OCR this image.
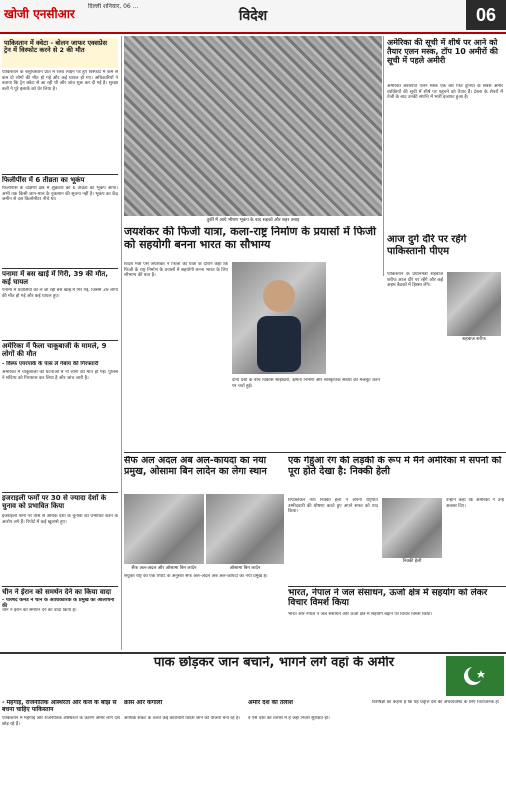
खोजी एनसीआर
दिल्ली शनिवार, 06 ...
विदेश	06
पाकिस्तान में क्वेटा - बोलन जाफर एक्सप्रेस ट्रेन में विस्फोट करने से 2 की मौत
पाकिस्तान के बलूचिस्तान प्रांत में रेलवे लाइन पर हुए विस्फोट में कम से कम दो लोगों की मौत हो गई और कई घायल हो गए। अधिकारियों ने बताया कि ट्रेन क्वेटा से आ रही थी और जांच शुरू कर दी गई है। सुरक्षा बलों ने पूरे इलाके को घेर लिया है।
फिलीपींस में 6 तीव्रता का भूकंप
फिलीपींस के दक्षिणी क्षेत्र में शुक्रवार को 6 तीव्रता का भूकंप आया। अभी तक किसी जान-माल के नुकसान की सूचना नहीं है। भूकंप का केंद्र जमीन से दस किलोमीटर नीचे था।
पनामा में बस खाई में गिरी, 39 की मौत, कई घायल
पनामा में प्रवासियों को ले जा रही बस खाई में गिर गई, जिसमें 39 लोगों की मौत हो गई और कई घायल हुए।
अमेरिका में फैला चाकूबाजी के मामले, 9 लोगों की मौत
- विस्फ एयरपार्क के पास ले गेबाय की गिरफ्तारी
अमेरिका में चाकूबाजी की घटनाओं में नौ लोगों की मौत हो गई। पुलिस ने संदिग्ध को गिरफ्तार कर लिया है और जांच जारी है।
इजराइली फर्मों पर 30 से ज्यादा देशों के चुनाव को प्रभावित किया
इजराइली फर्मों पर तीस से अधिक देशों के चुनावों को प्रभावित करने के आरोप लगे हैं। रिपोर्ट में कई खुलासे हुए।
चीन ने ईरान को समर्थन देने का किया वादा
- परिषद कमर्ड ने चीन के आधिकारिक के प्रमुख की आलोचना की
चीन ने ईरान को समर्थन देने का वादा किया है।
तुर्की में आये भीषण भूकंप के बाद सड़कों और शहर तबाह
अमेरिका की सूची में शीर्ष पर आने को तैयार एलन मस्क, टॉप 10 अमीरों की सूची में पहले अमीरी
अमेरिकी अरबपति एलन मस्क एक बार फिर दुनिया के सबसे अमीर व्यक्तियों की सूची में शीर्ष पर पहुंचने को तैयार हैं। टेस्ला के शेयरों में तेजी के बाद उनकी संपत्ति में भारी इजाफा हुआ है।
जयशंकर की फिजी यात्रा, कला-राष्ट्र निर्माण के प्रयासों में फिजी को सहयोगी बनना भारत का सौभाग्य
विदेश मंत्री एस जयशंकर ने फिजी की यात्रा के दौरान कहा कि फिजी के राष्ट्र निर्माण के प्रयासों में सहयोगी बनना भारत के लिए सौभाग्य की बात है।
दोनों देशों के बीच विकास साझेदारी, क्षमता निर्माण और सांस्कृतिक संबंधों को मजबूत करने पर चर्चा हुई।
आज दुर्ग दौरे पर रहेंगे पाकिस्तानी पीएम
पाकिस्तान के प्रधानमंत्री शहबाज शरीफ आज दौरे पर रहेंगे और कई अहम बैठकों में हिस्सा लेंगे।
शहबाज शरीफ
सैफ अल अदल अब अल-कायदा का नया प्रमुख, ओसामा बिन लादेन का लेगा स्थान
सैफ अल-अदल और ओसामा बिन लादेन	ओसामा बिन लादेन
संयुक्त राष्ट्र की एक रिपोर्ट के अनुसार सैफ अल-अदल अब अल-कायदा का नया प्रमुख है।
एक गेहुंआ रंग की लड़की के रूप में मैंने अमेरिका में सपनों को पूरा होते देखा है: निक्की हेली
रिपब्लिकन नेता निक्की हेली ने अपनी राष्ट्रपति उम्मीदवारी की घोषणा करते हुए अपने सफर को याद किया।
निक्की हेली
उन्होंने कहा कि अमेरिका ने उन्हें अवसर दिए।
भारत, नेपाल ने जल संसाधन, ऊर्जा क्षेत्र में सहयोग को लेकर विचार विमर्श किया
भारत और नेपाल ने जल संसाधन और ऊर्जा क्षेत्र में सहयोग बढ़ाने पर विचार विमर्श किया।
पाक छोड़कर जान बचाने, भागने लगे वहां के अमीर
- महंगाई, राजनीतिक अस्थिरता और कर्ज के बोझ से बचना चाहिए पाकिस्तान
क्रास और कंगाली	अमीर देश की तलाश
पाकिस्तान में महंगाई और राजनीतिक अस्थिरता के कारण अमीर लोग देश छोड़ रहे हैं।
आर्थिक संकट के चलते कई कारोबारी विदेश जाने की योजना बना रहे हैं।	वे ऐसे देशों की तलाश में हैं जहां निवेश सुरक्षित हो।
विशेषज्ञों का कहना है कि यह प्रवृत्ति देश की अर्थव्यवस्था के लिए चिंताजनक है।
